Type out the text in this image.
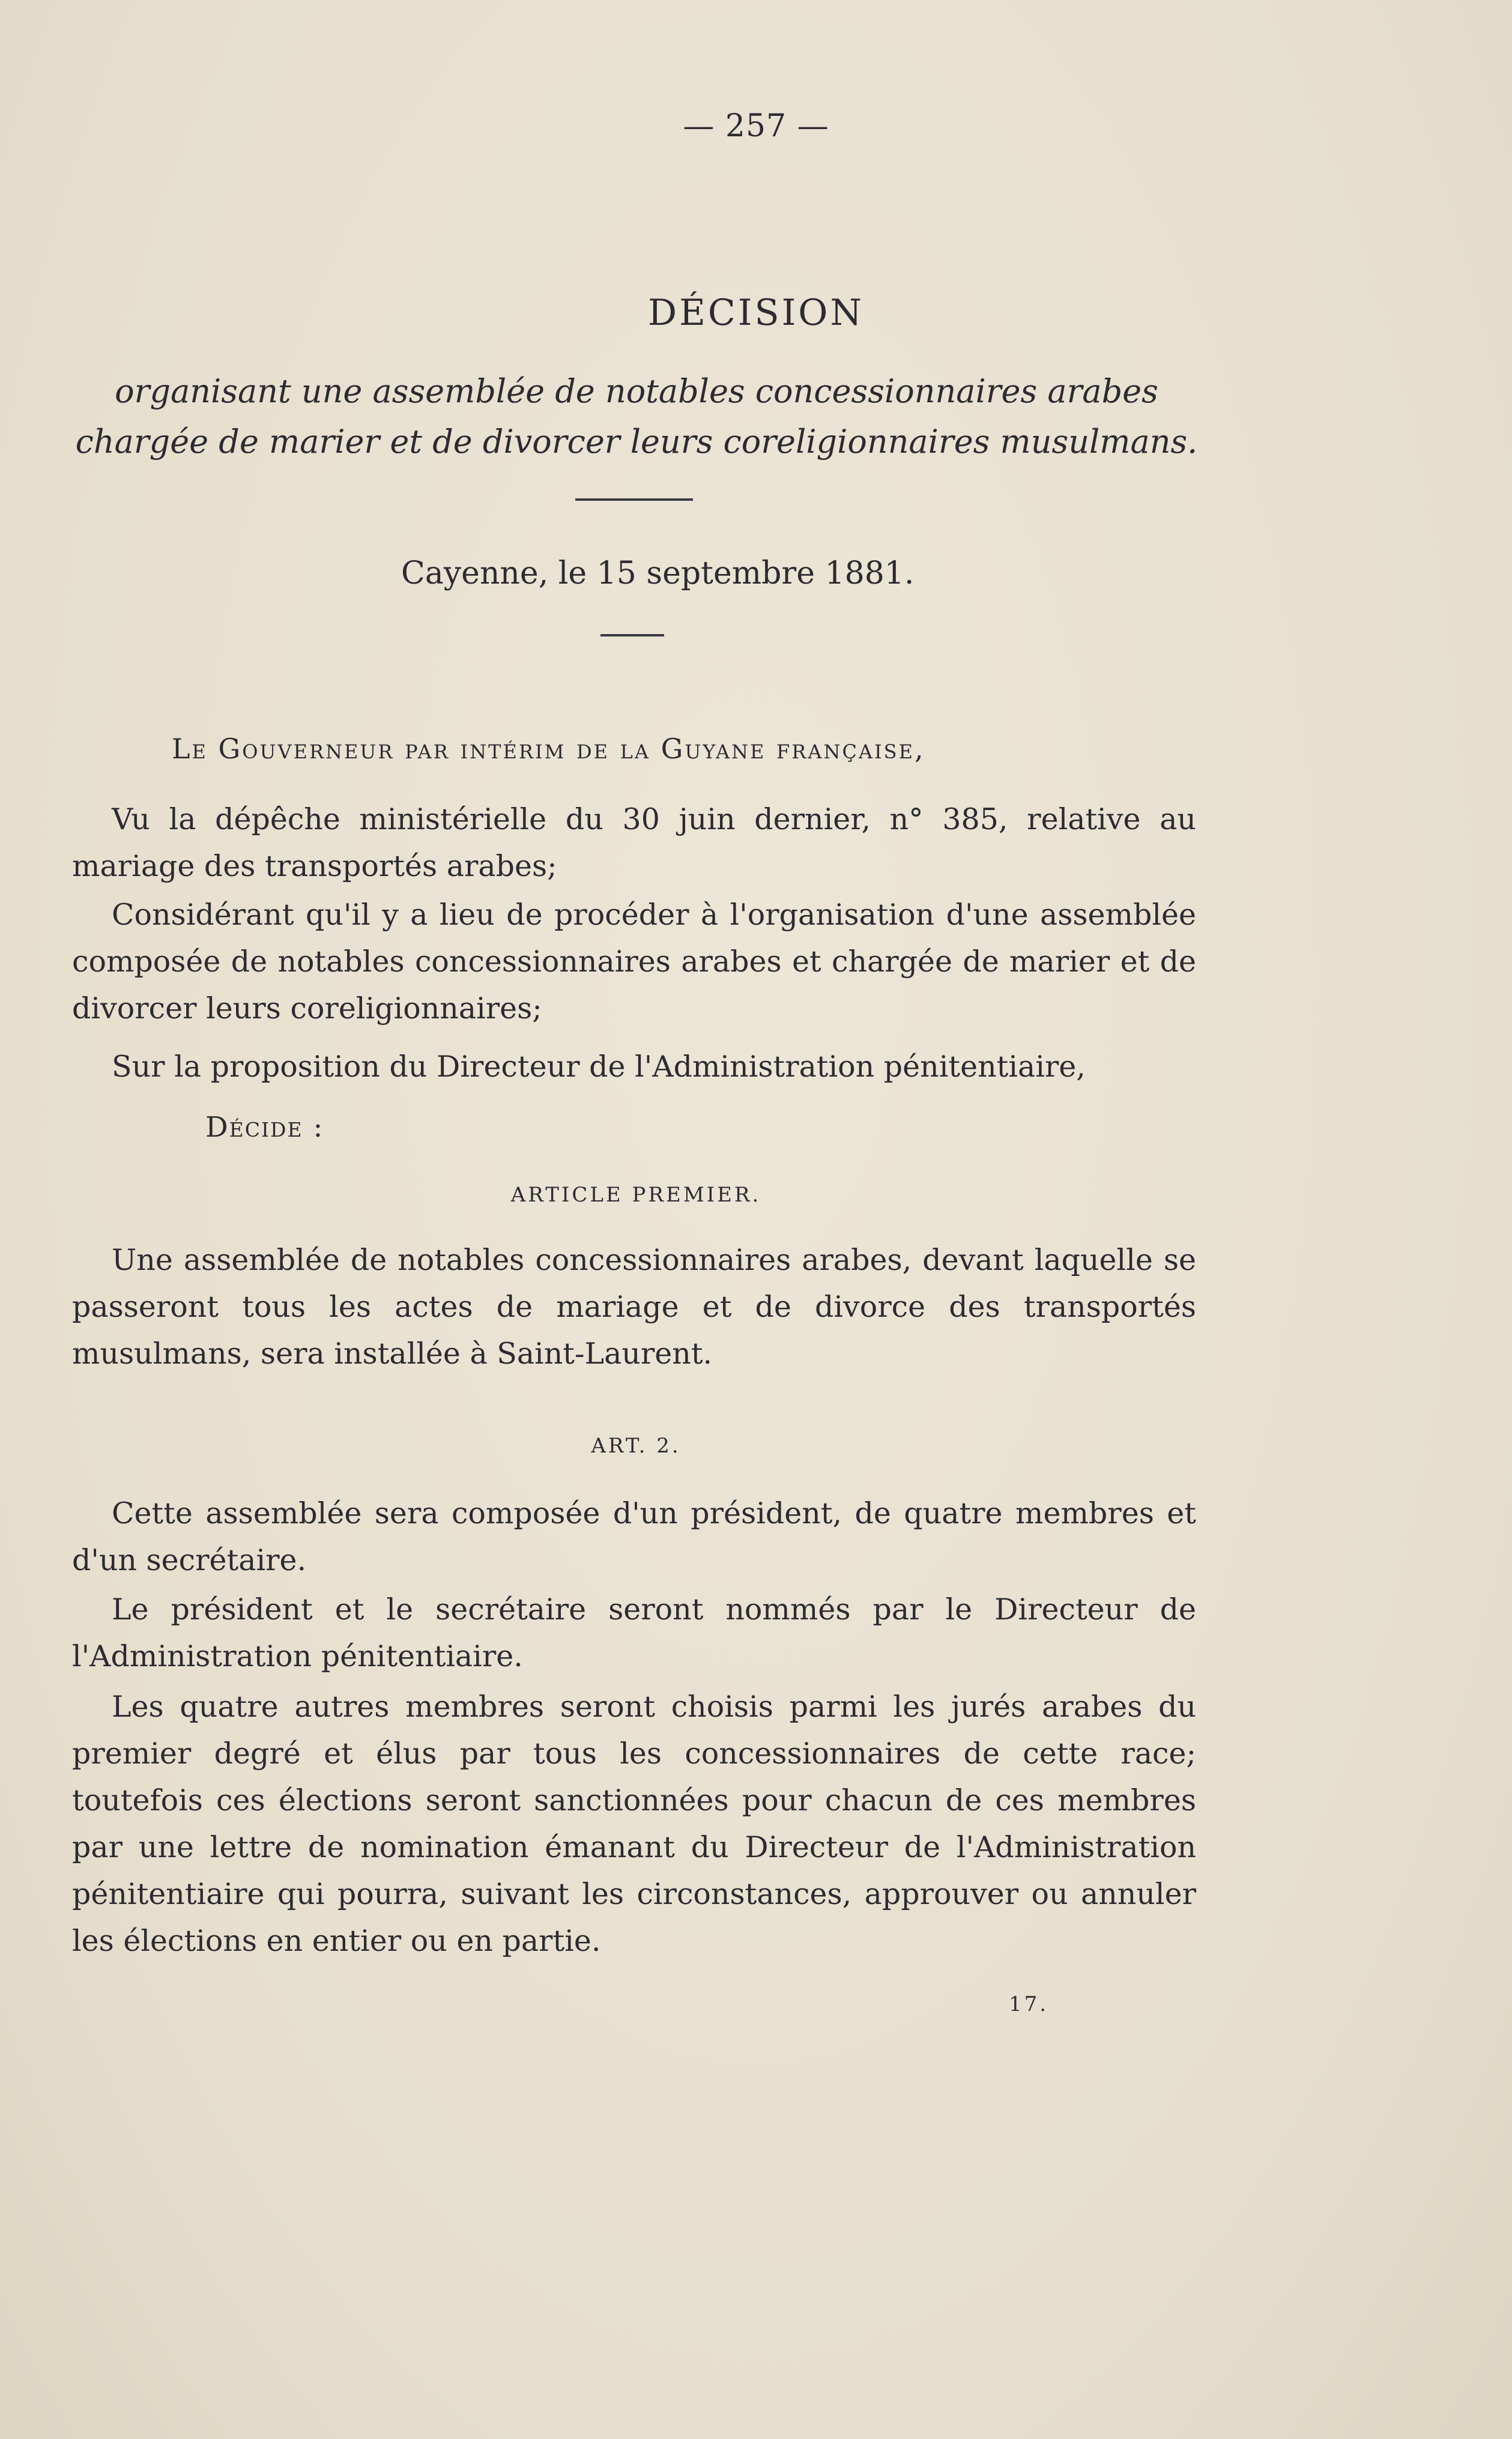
— 257 —
DÉCISION
organisant une assemblée de notables concessionnaires arabes chargée de marier et de divorcer leurs coreligionnaires musulmans.
Cayenne, le 15 septembre 1881.
Le Gouverneur par intérim de la Guyane française,
Vu la dépêche ministérielle du 30 juin dernier, n° 385, relative au mariage des transportés arabes;
Considérant qu'il y a lieu de procéder à l'organisation d'une assemblée composée de notables concessionnaires arabes et chargée de marier et de divorcer leurs coreligionnaires;
Sur la proposition du Directeur de l'Administration pénitentiaire,
Décide :
ARTICLE PREMIER.
Une assemblée de notables concessionnaires arabes, devant laquelle se passeront tous les actes de mariage et de divorce des transportés musulmans, sera installée à Saint-Laurent.
ART. 2.
Cette assemblée sera composée d'un président, de quatre membres et d'un secrétaire.
Le président et le secrétaire seront nommés par le Directeur de l'Administration pénitentiaire.
Les quatre autres membres seront choisis parmi les jurés arabes du premier degré et élus par tous les concessionnaires de cette race; toutefois ces élections seront sanctionnées pour chacun de ces membres par une lettre de nomination émanant du Directeur de l'Administration pénitentiaire qui pourra, suivant les circonstances, approuver ou annuler les élections en entier ou en partie.
17.
